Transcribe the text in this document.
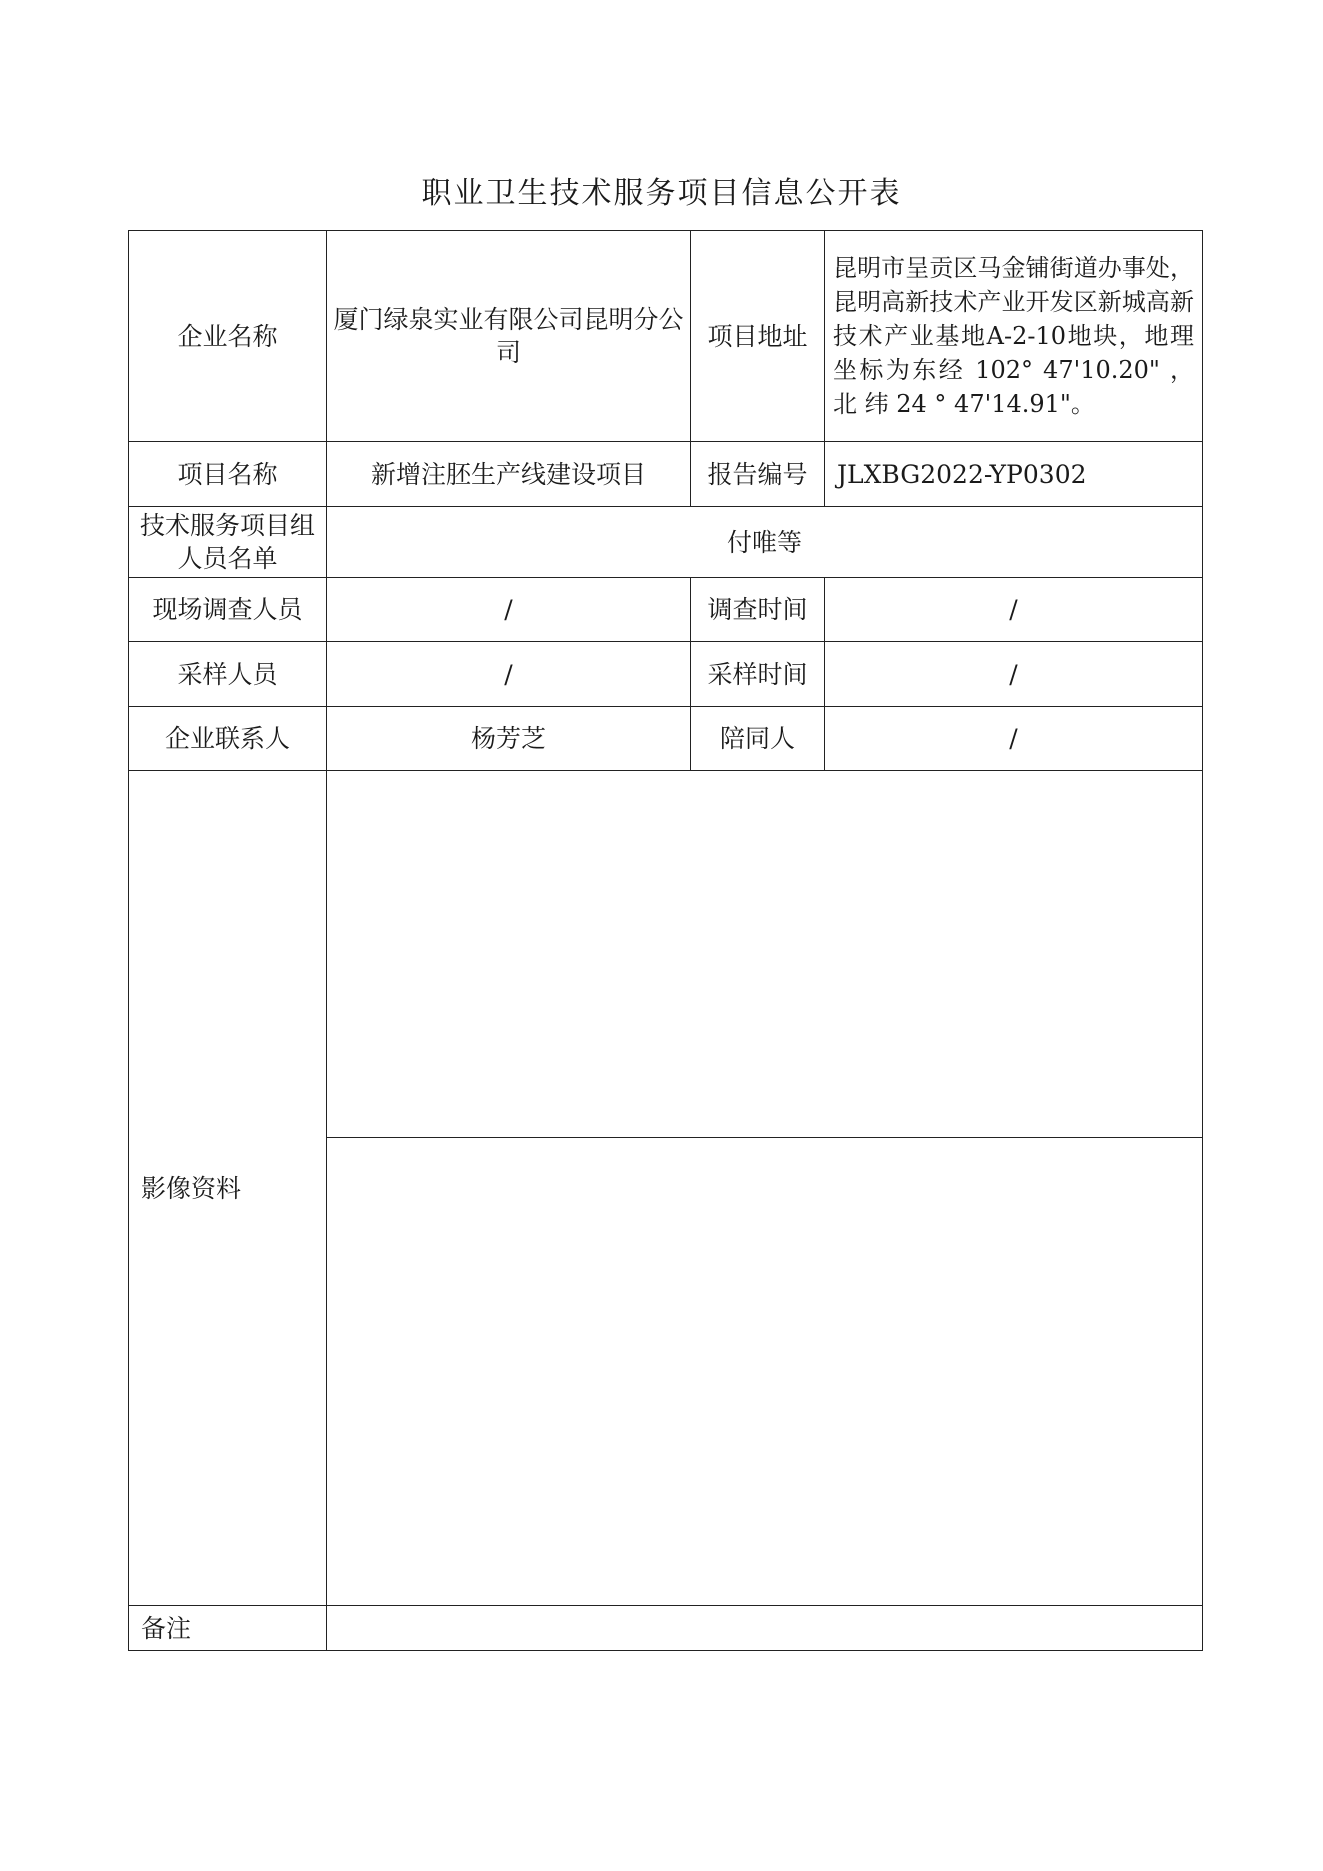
职业卫生技术服务项目信息公开表
企业名称	厦门绿泉实业有限公司昆明分公司	项目地址	昆明市呈贡区马金铺街道办事处，昆明高新技术产业开发区新城高新技术产业基地A-2-10地块，地理坐标为东经 102° 47'10.20" ， 北 纬 24 ° 47'14.91"。
项目名称	新增注胚生产线建设项目	报告编号	JLXBG2022-YP0302
技术服务项目组人员名单	付唯等		
现场调查人员	/	调查时间	/
采样人员	/	采样时间	/
企业联系人	杨芳芝	陪同人	/
影像资料			

备注			
